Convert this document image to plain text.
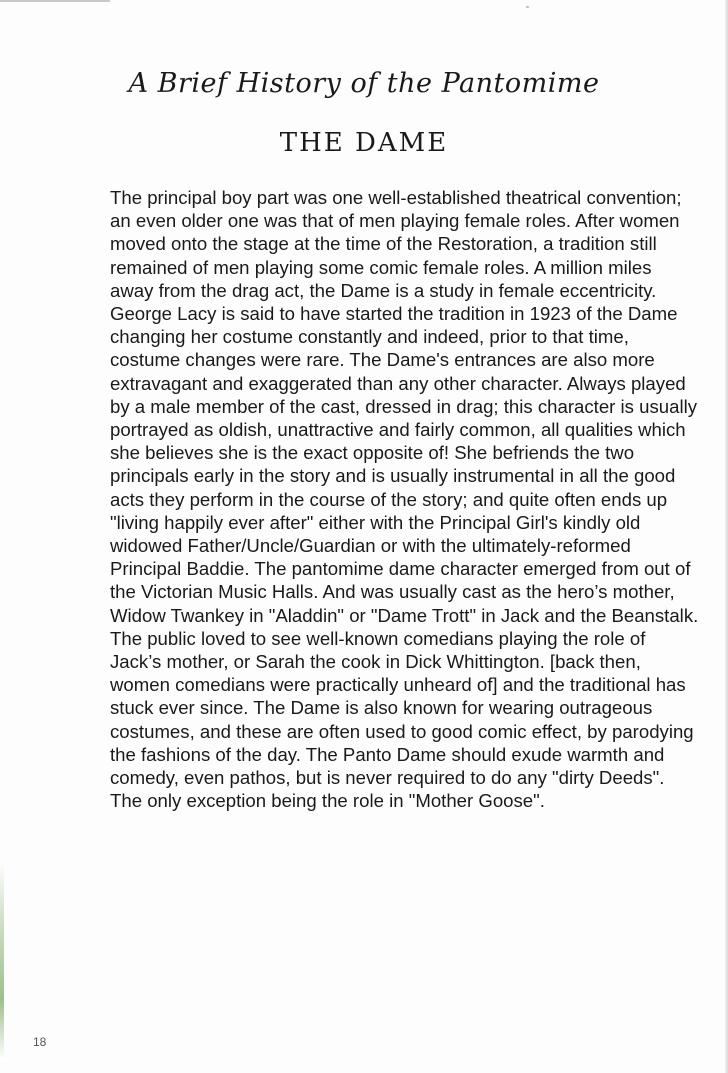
A Brief History of the Pantomime
THE DAME

The principal boy part was one well-established theatrical convention; an even older one was that of men playing female roles. After women moved onto the stage at the time of the Restoration, a tradition still remained of men playing some comic female roles. A million miles away from the drag act, the Dame is a study in female eccentricity. George Lacy is said to have started the tradition in 1923 of the Dame changing her costume constantly and indeed, prior to that time, costume changes were rare. The Dame's entrances are also more extravagant and exaggerated than any other character. Always played by a male member of the cast, dressed in drag; this character is usually portrayed as oldish, unattractive and fairly common, all qualities which she believes she is the exact opposite of! She befriends the two principals early in the story and is usually instrumental in all the good acts they perform in the course of the story; and quite often ends up "living happily ever after" either with the Principal Girl's kindly old widowed Father/Uncle/Guardian or with the ultimately-reformed Principal Baddie. The pantomime dame character emerged from out of the Victorian Music Halls. And was usually cast as the hero’s mother, Widow Twankey in "Aladdin" or "Dame Trott" in Jack and the Beanstalk. The public loved to see well-known comedians playing the role of Jack’s mother, or Sarah the cook in Dick Whittington. [back then, women comedians were practically unheard of] and the traditional has stuck ever since. The Dame is also known for wearing outrageous costumes, and these are often used to good comic effect, by parodying the fashions of the day. The Panto Dame should exude warmth and comedy, even pathos, but is never required to do any "dirty Deeds". The only exception being the role in "Mother Goose".

18
